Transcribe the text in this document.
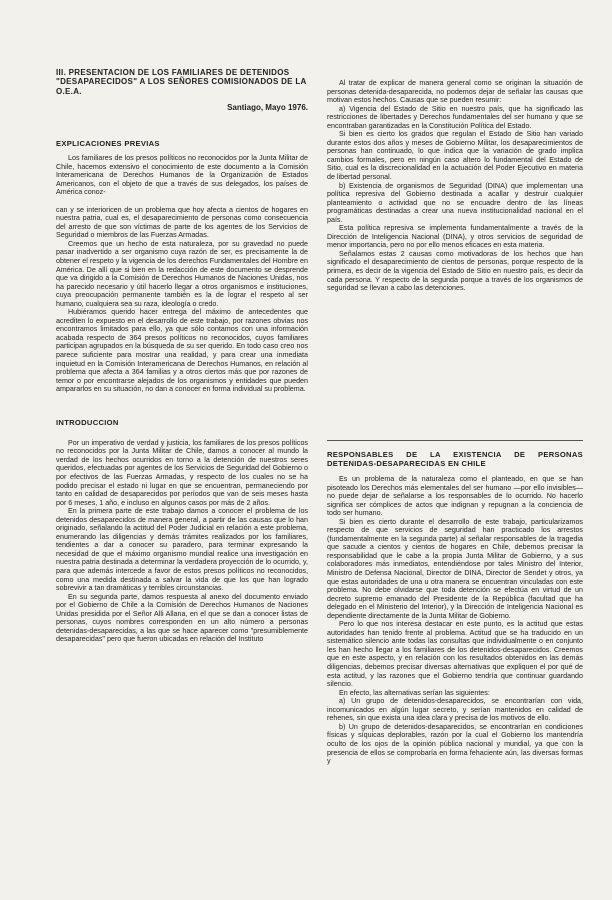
III. PRESENTACION DE LOS FAMILIARES DE DETENIDOS "DESAPARECIDOS" A LOS SEÑORES COMISIONADOS DE LA O.E.A.
Santiago, Mayo 1976.
EXPLICACIONES PREVIAS

Los familiares de los presos políticos no reconocidos por la Junta Militar de Chile, hacemos extensivo el conocimiento de este documento a la Comisión Interamericana de Derechos Humanos de la Organización de Estados Americanos, con el objeto de que a través de sus delegados, los países de América conoz-

can y se interioricen de un problema que hoy afecta a cientos de hogares en nuestra patria, cual es, el desaparecimiento de personas como consecuencia del arresto de que son víctimas de parte de los agentes de los Servicios de Seguridad o miembros de las Fuerzas Armadas.

Creemos que un hecho de esta naturaleza, por su gravedad no puede pasar inadvertido a ser organismo cuya razón de ser, es precisamente la de obtener el respeto y la vigencia de los derechos Fundamentales del Hombre en América. De allí que si bien en la redacción de este documento se desprende que va dirigido a la Comisión de Derechos Humanos de Naciones Unidas, nos ha parecido necesario y útil hacerlo llegar a otros organismos e instituciones, cuya preocupación permanente también es la de lograr el respeto al ser humano, cualquiera sea su raza, ideología o credo.

Hubiéramos querido hacer entrega del máximo de antecedentes que acrediten lo expuesto en el desarrollo de este trabajo, por razones obvias nos encontramos limitados para ello, ya que sólo contamos con una información acabada respecto de 364 presos políticos no reconocidos, cuyos familiares participan agrupados en la búsqueda de su ser querido. En todo caso creo nos parece suficiente para mostrar una realidad, y para crear una inmediata inquietud en la Comisión Interamericana de Derechos Humanos, en relación al problema que afecta a 364 familias y a otros ciertos más que por razones de temor o por encontrarse alejados de los organismos y entidades que pueden ampararlos en su situación, no dan a conocer en forma individual su problema.

INTRODUCCION

Por un imperativo de verdad y justicia, los familiares de los presos políticos no reconocidos por la Junta Militar de Chile, damos a conocer al mundo la verdad de los hechos ocurridos en torno a la detención de nuestros seres queridos, efectuadas por agentes de los Servicios de Seguridad del Gobierno o por efectivos de las Fuerzas Armadas, y respecto de los cuales no se ha podido precisar el estado ni lugar en que se encuentran, permaneciendo por tanto en calidad de desaparecidos por períodos que van de seis meses hasta por 6 meses, 1 año, e incluso en algunos casos por más de 2 años.

En la primera parte de este trabajo damos a conocer el problema de los detenidos desaparecidos de manera general, a partir de las causas que lo han originado, señalando la actitud del Poder Judicial en relación a este problema, enumerando las diligencias y demás trámites realizados por los familiares, tendientes a dar a conocer su paradero, para terminar expresando la necesidad de que el máximo organismo mundial realice una investigación en nuestra patria destinada a determinar la verdadera proyección de lo ocurrido, y, para que además intercede a favor de estos presos políticos no reconocidos, como una medida destinada a salvar la vida de que los que han logrado sobrevivir a tan dramáticas y terribles circunstancias.

En su segunda parte, damos respuesta al anexo del documento enviado por el Gobierno de Chile a la Comisión de Derechos Humanos de Naciones Unidas presidida por el Señor Alli Allana, en el que se dan a conocer listas de personas, cuyos nombres corresponden en un alto número a personas detenidas-desaparecidas, a las que se hace aparecer como "presumiblemente desaparecidas" pero que fueron ubicadas en relación del Instituto

Al tratar de explicar de manera general como se originan la situación de personas detenida-desaparecida, no podemos dejar de señalar las causas que motivan estos hechos. Causas que se pueden resumir:

a) Vigencia del Estado de Sitio en nuestro país, que ha significado las restricciones de libertades y Derechos fundamentales del ser humano y que se encontraban garantizadas en la Constitución Política del Estado.

Si bien es cierto los grados que regulan el Estado de Sitio han variado durante estos dos años y meses de Gobierno Militar, los desaparecimientos de personas han continuado, lo que indica que la variación de grado implica cambios formales, pero en ningún caso altero lo fundamental del Estado de Sitio, cual es la discrecionalidad en la actuación del Poder Ejecutivo en materia de libertad personal.

b) Existencia de organismos de Seguridad (DINA) que implementan una política represiva del Gobierno destinada a acallar y destruir cualquier planteamiento o actividad que no se encuadre dentro de las líneas programáticas destinadas a crear una nueva institucionalidad nacional en el país.

Esta política represiva se implementa fundamentalmente a través de la Dirección de Inteligencia Nacional (DINA), y otros servicios de seguridad de menor importancia, pero no por ello menos eficaces en esta materia.

Señalamos estas 2 causas como motivadoras de los hechos que han significado el desaparecimiento de cientos de personas, porque respecto de la primera, es decir de la vigencia del Estado de Sitio en nuestro país, es decir da cada persona. Y respecto de la segunda porque a través de los organismos de seguridad se llevan a cabo las detenciones.

RESPONSABLES DE LA EXISTENCIA DE PERSONAS DETENIDAS-DESAPARECIDAS EN CHILE

Es un problema de la naturaleza como el planteado, en que se han pisoteado los Derechos más elementales del ser humano —por ello invisibles— no puede dejar de señalarse a los responsables de lo ocurrido. No hacerlo significa ser cómplices de actos que indignan y repugnan a la conciencia de todo ser humano.

Si bien es cierto durante el desarrollo de este trabajo, particularizamos respecto de que servicios de seguridad han practicado los arrestos (fundamentalmente en la segunda parte) al señalar responsables de la tragedia que sacude a cientos y cientos de hogares en Chile, debemos precisar la responsabilidad que le cabe a la propia Junta Militar de Gobierno, y a sus colaboradores más inmediatos, entendiéndose por tales Ministro del Interior, Ministro de Defensa Nacional, Director de DINA, Director de Sendet y otros, ya que estas autoridades de una u otra manera se encuentran vinculadas con este problema. No debe olvidarse que toda detención se efectúa en virtud de un decreto supremo emanado del Presidente de la República (facultad que ha delegado en el Ministerio del Interior), y la Dirección de Inteligencia Nacional es dependiente directamente de la Junta Militar de Gobierno.

Pero lo que nos interesa destacar en este punto, es la actitud que estas autoridades han tenido frente al problema. Actitud que se ha traducido en un sistemático silencio ante todas las consultas que individualmente o en conjunto les han hecho llegar a los familiares de los detenidos-desaparecidos. Creemos que en este aspecto, y en relación con los resultados obtenidos en las demás diligencias, debemos precisar diversas alternativas que expliquen el por qué de esta actitud, y las razones que el Gobierno tendría que continuar guardando silencio.

En efecto, las alternativas serían las siguientes:

a) Un grupo de detenidos-desaparecidos, se encontrarían con vida, incomunicados en algún lugar secreto, y serían mantenidos en calidad de rehenes, sin que exista una idea clara y precisa de los motivos de ello.

b) Un grupo de detenidos-desaparecidos, se encontrarían en condiciones físicas y síquicas deplorables, razón por la cual el Gobierno los mantendría oculto de los ojos de la opinión pública nacional y mundial, ya que con la presencia de ellos se comprobaría en forma fehaciente aún, las diversas formas y
